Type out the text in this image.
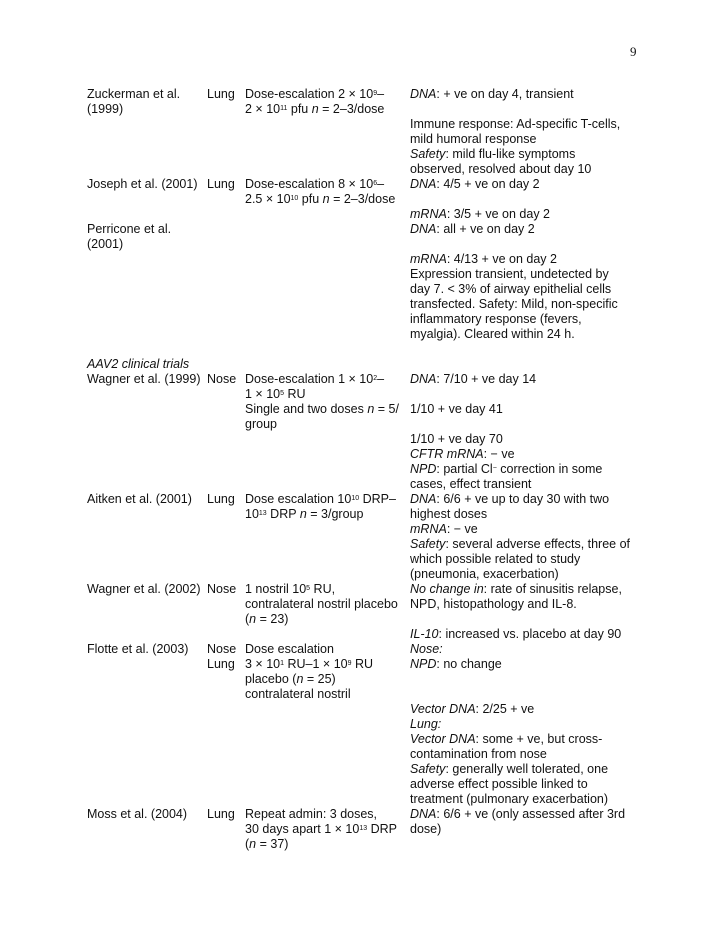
9
Zuckerman et al.
(1999)
Lung Dose-escalation $2 \times 10^9-$
$2 \times 10^{11}$ pfu n = 2–3/dose
DNA: + ve on day 4, transient
Immune response: Ad-specific T-cells,
mild humoral response
Safety: mild flu-like symptoms
observed, resolved about day 10
Joseph et al. (2001) Lung Dose-escalation $8 \times 10^6-$
$2.5 \times 10^{10}$ pfu n = 2–3/dose
DNA: 4/5 + ve on day 2
mRNA: 3/5 + ve on day 2
Perricone et al.
(2001)
DNA: all + ve on day 2
mRNA: 4/13 + ve on day 2
Expression transient, undetected by
day 7. < 3% of airway epithelial cells
transfected. Safety: Mild, non-specific
inflammatory response (fevers,
myalgia). Cleared within 24 h.
AAV2 clinical trials
Wagner et al. (1999) Nose Dose-escalation $1 \times 10^2-$
$1 \times 10^5$ RU
Single and two doses n = 5/
group
DNA: 7/10 + ve day 14
1/10 + ve day 41
1/10 + ve day 70
CFTR mRNA: − ve
NPD: partial Cl− correction in some
cases, effect transient
Aitken et al. (2001) Lung Dose escalation $10^{10}$ DRP–
$10^{13}$ DRP n = 3/group
DNA: 6/6 + ve up to day 30 with two
highest doses
mRNA: − ve
Safety: several adverse effects, three of
which possible related to study
(pneumonia, exacerbation)
Wagner et al. (2002) Nose 1 nostril $10^5$ RU,
contralateral nostril placebo
(n = 23)
No change in: rate of sinusitis relapse,
NPD, histopathology and IL-8.
IL-10: increased vs. placebo at day 90
Flotte et al. (2003) Nose
Lung
Dose escalation
$3 \times 10^1$ $RU-1 \times 10^9$ RU
placebo (n = 25)
contralateral nostril
Nose:
NPD: no change
Vector DNA: 2/25 + ve
Lung:
Vector DNA: some + ve, but cross-
contamination from nose
Safety: generally well tolerated, one
adverse effect possible linked to
treatment (pulmonary exacerbation)
Moss et al. (2004) Lung Repeat admin: 3 doses,
30 days apart $1 \times 10^{13}$ DRP
(n = 37)
DNA: 6/6 + ve (only assessed after 3rd
dose)
